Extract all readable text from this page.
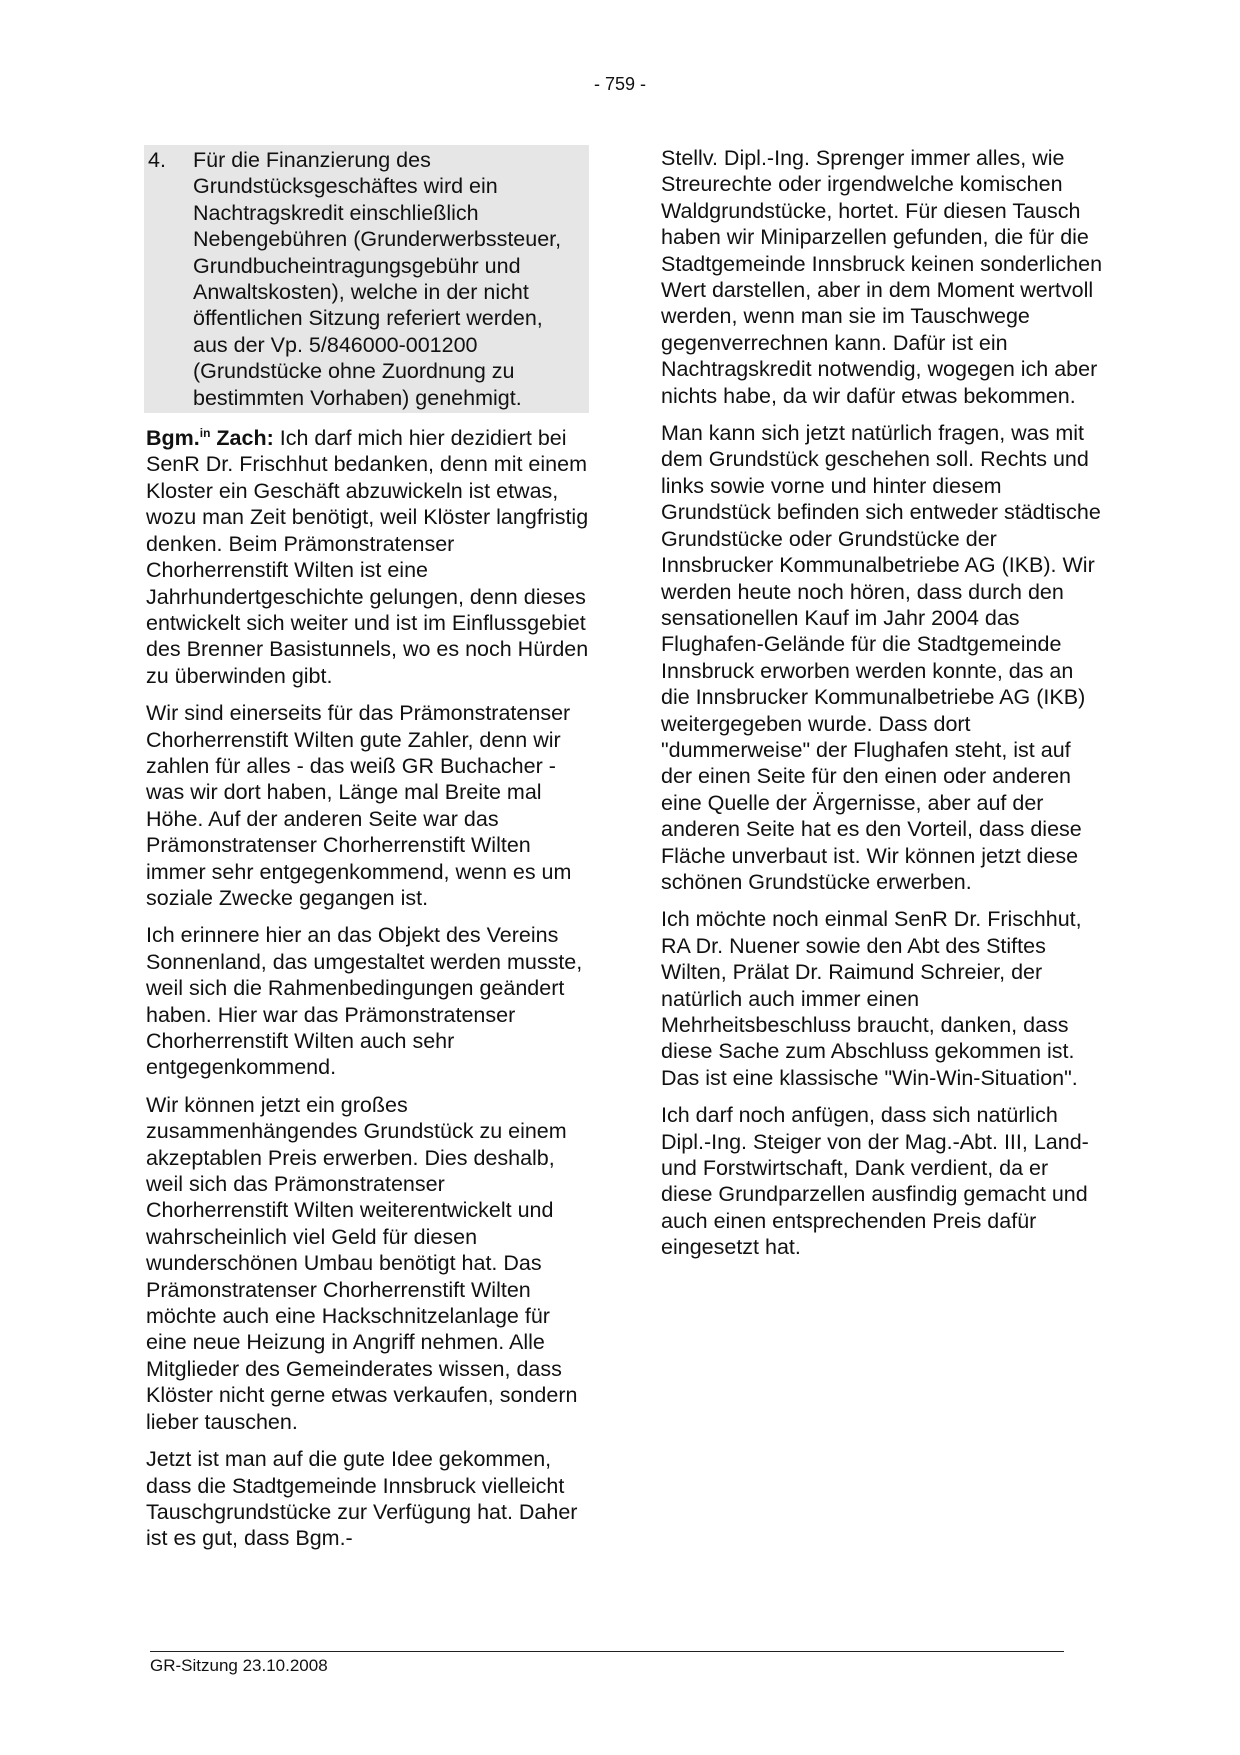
- 759 -
4.	Für die Finanzierung des Grundstücksgeschäftes wird ein Nachtragskredit einschließlich Nebengebühren (Grunderwerbssteuer, Grundbucheintragungsgebühr und Anwaltskosten), welche in der nicht öffentlichen Sitzung referiert werden, aus der Vp. 5/846000-001200 (Grundstücke ohne Zuordnung zu bestimmten Vorhaben) genehmigt.

Bgm.$^{in}$ Zach: Ich darf mich hier dezidiert bei SenR Dr. Frischhut bedanken, denn mit einem Kloster ein Geschäft abzuwickeln ist etwas, wozu man Zeit benötigt, weil Klöster langfristig denken. Beim Prämonstratenser Chorherrenstift Wilten ist eine Jahrhundertgeschichte gelungen, denn dieses entwickelt sich weiter und ist im Einflussgebiet des Brenner Basistunnels, wo es noch Hürden zu überwinden gibt.

Wir sind einerseits für das Prämonstratenser Chorherrenstift Wilten gute Zahler, denn wir zahlen für alles - das weiß GR Buchacher - was wir dort haben, Länge mal Breite mal Höhe. Auf der anderen Seite war das Prämonstratenser Chorherrenstift Wilten immer sehr entgegenkommend, wenn es um soziale Zwecke gegangen ist.

Ich erinnere hier an das Objekt des Vereins Sonnenland, das umgestaltet werden musste, weil sich die Rahmenbedingungen geändert haben. Hier war das Prämonstratenser Chorherrenstift Wilten auch sehr entgegenkommend.

Wir können jetzt ein großes zusammenhängendes Grundstück zu einem akzeptablen Preis erwerben. Dies deshalb, weil sich das Prämonstratenser Chorherrenstift Wilten weiterentwickelt und wahrscheinlich viel Geld für diesen wunderschönen Umbau benötigt hat. Das Prämonstratenser Chorherrenstift Wilten möchte auch eine Hackschnitzelanlage für eine neue Heizung in Angriff nehmen. Alle Mitglieder des Gemeinderates wissen, dass Klöster nicht gerne etwas verkaufen, sondern lieber tauschen.

Jetzt ist man auf die gute Idee gekommen, dass die Stadtgemeinde Innsbruck vielleicht Tauschgrundstücke zur Verfügung hat. Daher ist es gut, dass Bgm.-

Stellv. Dipl.-Ing. Sprenger immer alles, wie Streurechte oder irgendwelche komischen Waldgrundstücke, hortet. Für diesen Tausch haben wir Miniparzellen gefunden, die für die Stadtgemeinde Innsbruck keinen sonderlichen Wert darstellen, aber in dem Moment wertvoll werden, wenn man sie im Tauschwege gegenverrechnen kann. Dafür ist ein Nachtragskredit notwendig, wogegen ich aber nichts habe, da wir dafür etwas bekommen.

Man kann sich jetzt natürlich fragen, was mit dem Grundstück geschehen soll. Rechts und links sowie vorne und hinter diesem Grundstück befinden sich entweder städtische Grundstücke oder Grundstücke der Innsbrucker Kommunalbetriebe AG (IKB). Wir werden heute noch hören, dass durch den sensationellen Kauf im Jahr 2004 das Flughafen-Gelände für die Stadtgemeinde Innsbruck erworben werden konnte, das an die Innsbrucker Kommunalbetriebe AG (IKB) weitergegeben wurde. Dass dort "dummerweise" der Flughafen steht, ist auf der einen Seite für den einen oder anderen eine Quelle der Ärgernisse, aber auf der anderen Seite hat es den Vorteil, dass diese Fläche unverbaut ist. Wir können jetzt diese schönen Grundstücke erwerben.

Ich möchte noch einmal SenR Dr. Frischhut, RA Dr. Nuener sowie den Abt des Stiftes Wilten, Prälat Dr. Raimund Schreier, der natürlich auch immer einen Mehrheitsbeschluss braucht, danken, dass diese Sache zum Abschluss gekommen ist. Das ist eine klassische "Win-Win-Situation".

Ich darf noch anfügen, dass sich natürlich Dipl.-Ing. Steiger von der Mag.-Abt. III, Land- und Forstwirtschaft, Dank verdient, da er diese Grundparzellen ausfindig gemacht und auch einen entsprechenden Preis dafür eingesetzt hat.

GR-Sitzung 23.10.2008
